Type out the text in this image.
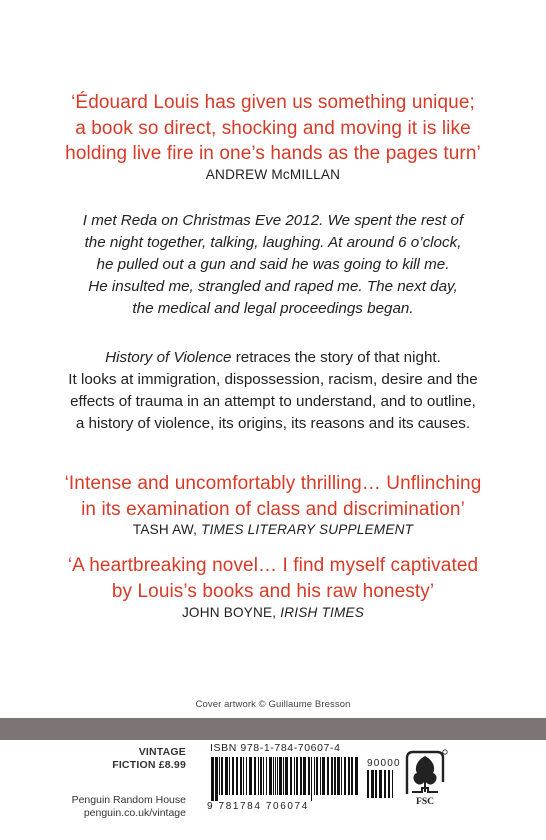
‘Édouard Louis has given us something unique;
a book so direct, shocking and moving it is like
holding live fire in one’s hands as the pages turn’
ANDREW McMILLAN
I met Reda on Christmas Eve 2012. We spent the rest of
the night together, talking, laughing. At around 6 o’clock,
he pulled out a gun and said he was going to kill me.
He insulted me, strangled and raped me. The next day,
the medical and legal proceedings began.
History of Violence retraces the story of that night.
It looks at immigration, dispossession, racism, desire and the
effects of trauma in an attempt to understand, and to outline,
a history of violence, its origins, its reasons and its causes.
‘Intense and uncomfortably thrilling… Unflinching
in its examination of class and discrimination’
TASH AW, TIMES LITERARY SUPPLEMENT
‘A heartbreaking novel… I find myself captivated
by Louis’s books and his raw honesty’
JOHN BOYNE, IRISH TIMES
Cover artwork © Guillaume Bresson
VINTAGE
FICTION £8.99
Penguin Random House
penguin.co.uk/vintage
ISBN 978-1-784-70607-4
9 781784 706074
90000
FSC
